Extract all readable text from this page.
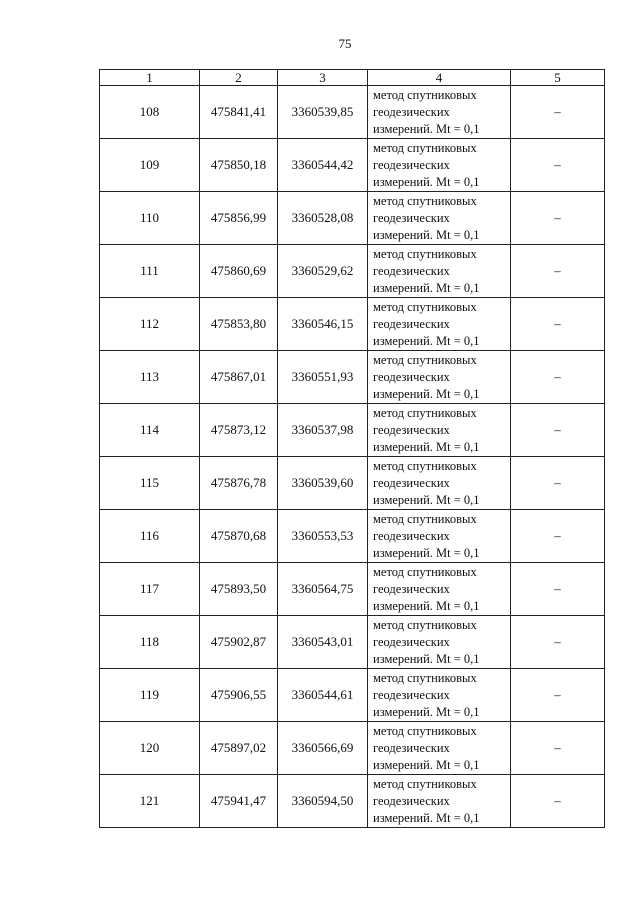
75
1	2	3	4	5
108	475841,41	3360539,85	метод спутниковых
геодезических
измерений. Mt = 0,1	–
109	475850,18	3360544,42	метод спутниковых
геодезических
измерений. Mt = 0,1	–
110	475856,99	3360528,08	метод спутниковых
геодезических
измерений. Mt = 0,1	–
111	475860,69	3360529,62	метод спутниковых
геодезических
измерений. Mt = 0,1	–
112	475853,80	3360546,15	метод спутниковых
геодезических
измерений. Mt = 0,1	–
113	475867,01	3360551,93	метод спутниковых
геодезических
измерений. Mt = 0,1	–
114	475873,12	3360537,98	метод спутниковых
геодезических
измерений. Mt = 0,1	–
115	475876,78	3360539,60	метод спутниковых
геодезических
измерений. Mt = 0,1	–
116	475870,68	3360553,53	метод спутниковых
геодезических
измерений. Mt = 0,1	–
117	475893,50	3360564,75	метод спутниковых
геодезических
измерений. Mt = 0,1	–
118	475902,87	3360543,01	метод спутниковых
геодезических
измерений. Mt = 0,1	–
119	475906,55	3360544,61	метод спутниковых
геодезических
измерений. Mt = 0,1	–
120	475897,02	3360566,69	метод спутниковых
геодезических
измерений. Mt = 0,1	–
121	475941,47	3360594,50	метод спутниковых
геодезических
измерений. Mt = 0,1	–
